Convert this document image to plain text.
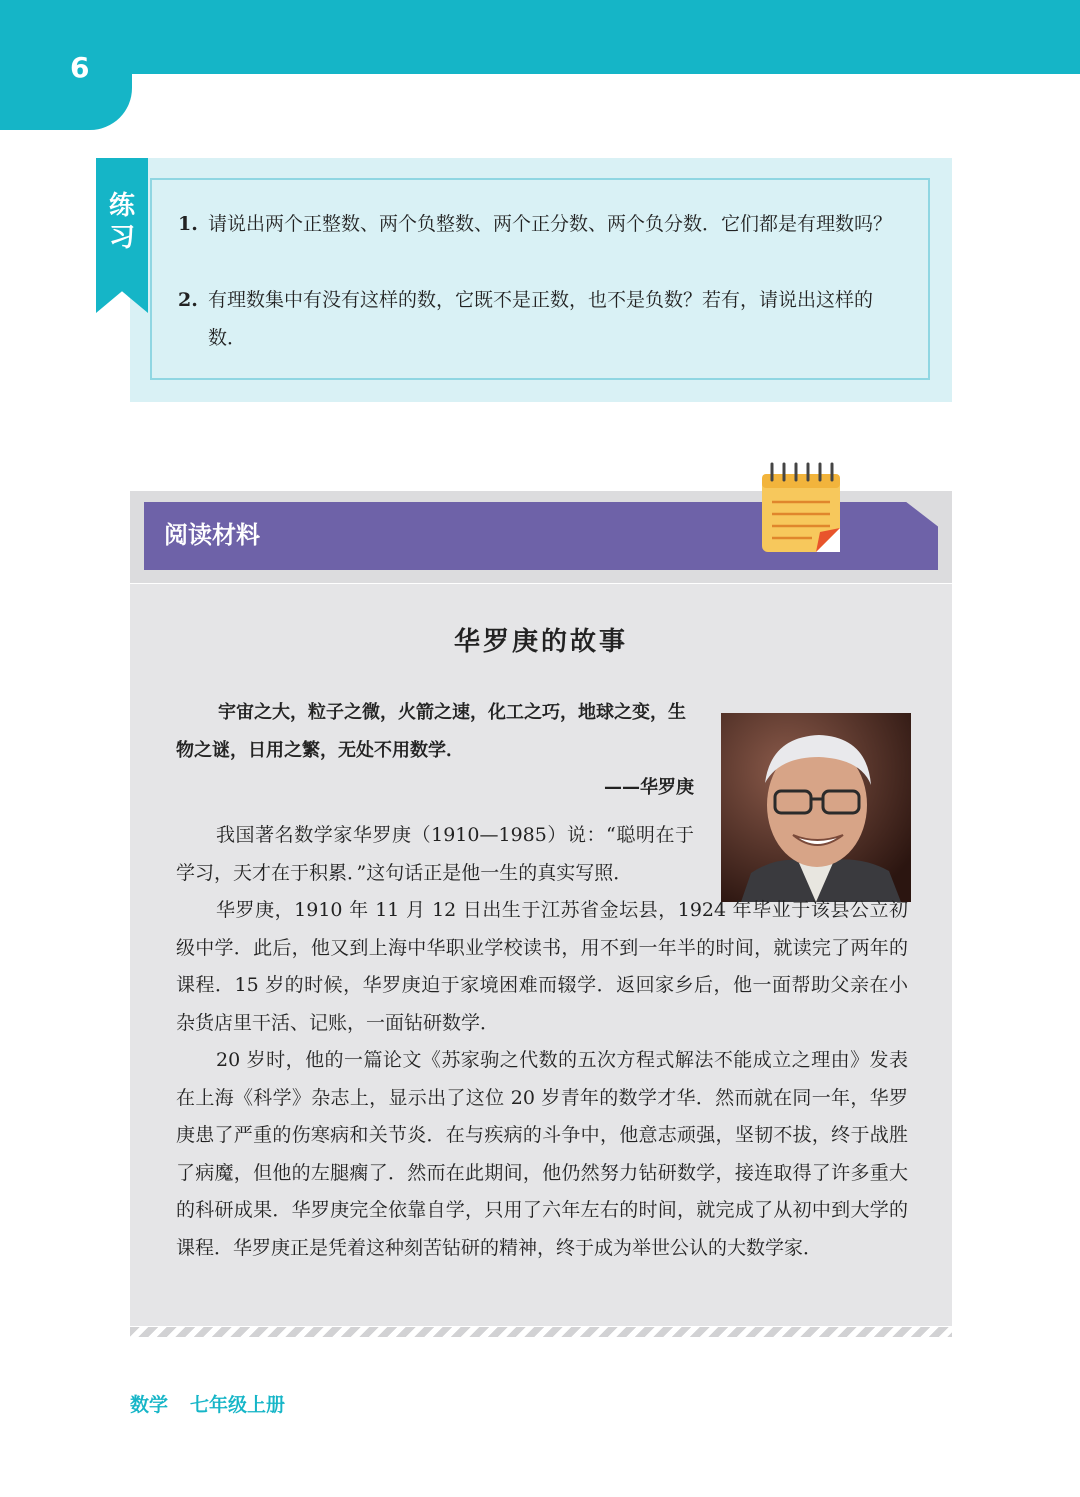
6
练
习	1. 请说出两个正整数、两个负整数、两个正分数、两个负分数．它们都是有理数吗？
2. 有理数集中有没有这样的数，它既不是正数，也不是负数？若有，请说出这样的数．
阅读材料
华罗庚的故事
宇宙之大，粒子之微，火箭之速，化工之巧，地球之变，生物之谜，日用之繁，无处不用数学．
——华罗庚

我国著名数学家华罗庚（1910—1985）说：“聪明在于学习，天才在于积累．”这句话正是他一生的真实写照．

华罗庚，1910 年 11 月 12 日出生于江苏省金坛县，1924 年毕业于该县公立初级中学．此后，他又到上海中华职业学校读书，用不到一年半的时间，就读完了两年的课程．15 岁的时候，华罗庚迫于家境困难而辍学．返回家乡后，他一面帮助父亲在小杂货店里干活、记账，一面钻研数学．

20 岁时，他的一篇论文《苏家驹之代数的五次方程式解法不能成立之理由》发表在上海《科学》杂志上，显示出了这位 20 岁青年的数学才华．然而就在同一年，华罗庚患了严重的伤寒病和关节炎．在与疾病的斗争中，他意志顽强，坚韧不拔，终于战胜了病魔，但他的左腿瘸了．然而在此期间，他仍然努力钻研数学，接连取得了许多重大的科研成果．华罗庚完全依靠自学，只用了六年左右的时间，就完成了从初中到大学的课程．华罗庚正是凭着这种刻苦钻研的精神，终于成为举世公认的大数学家．

数学 七年级上册
